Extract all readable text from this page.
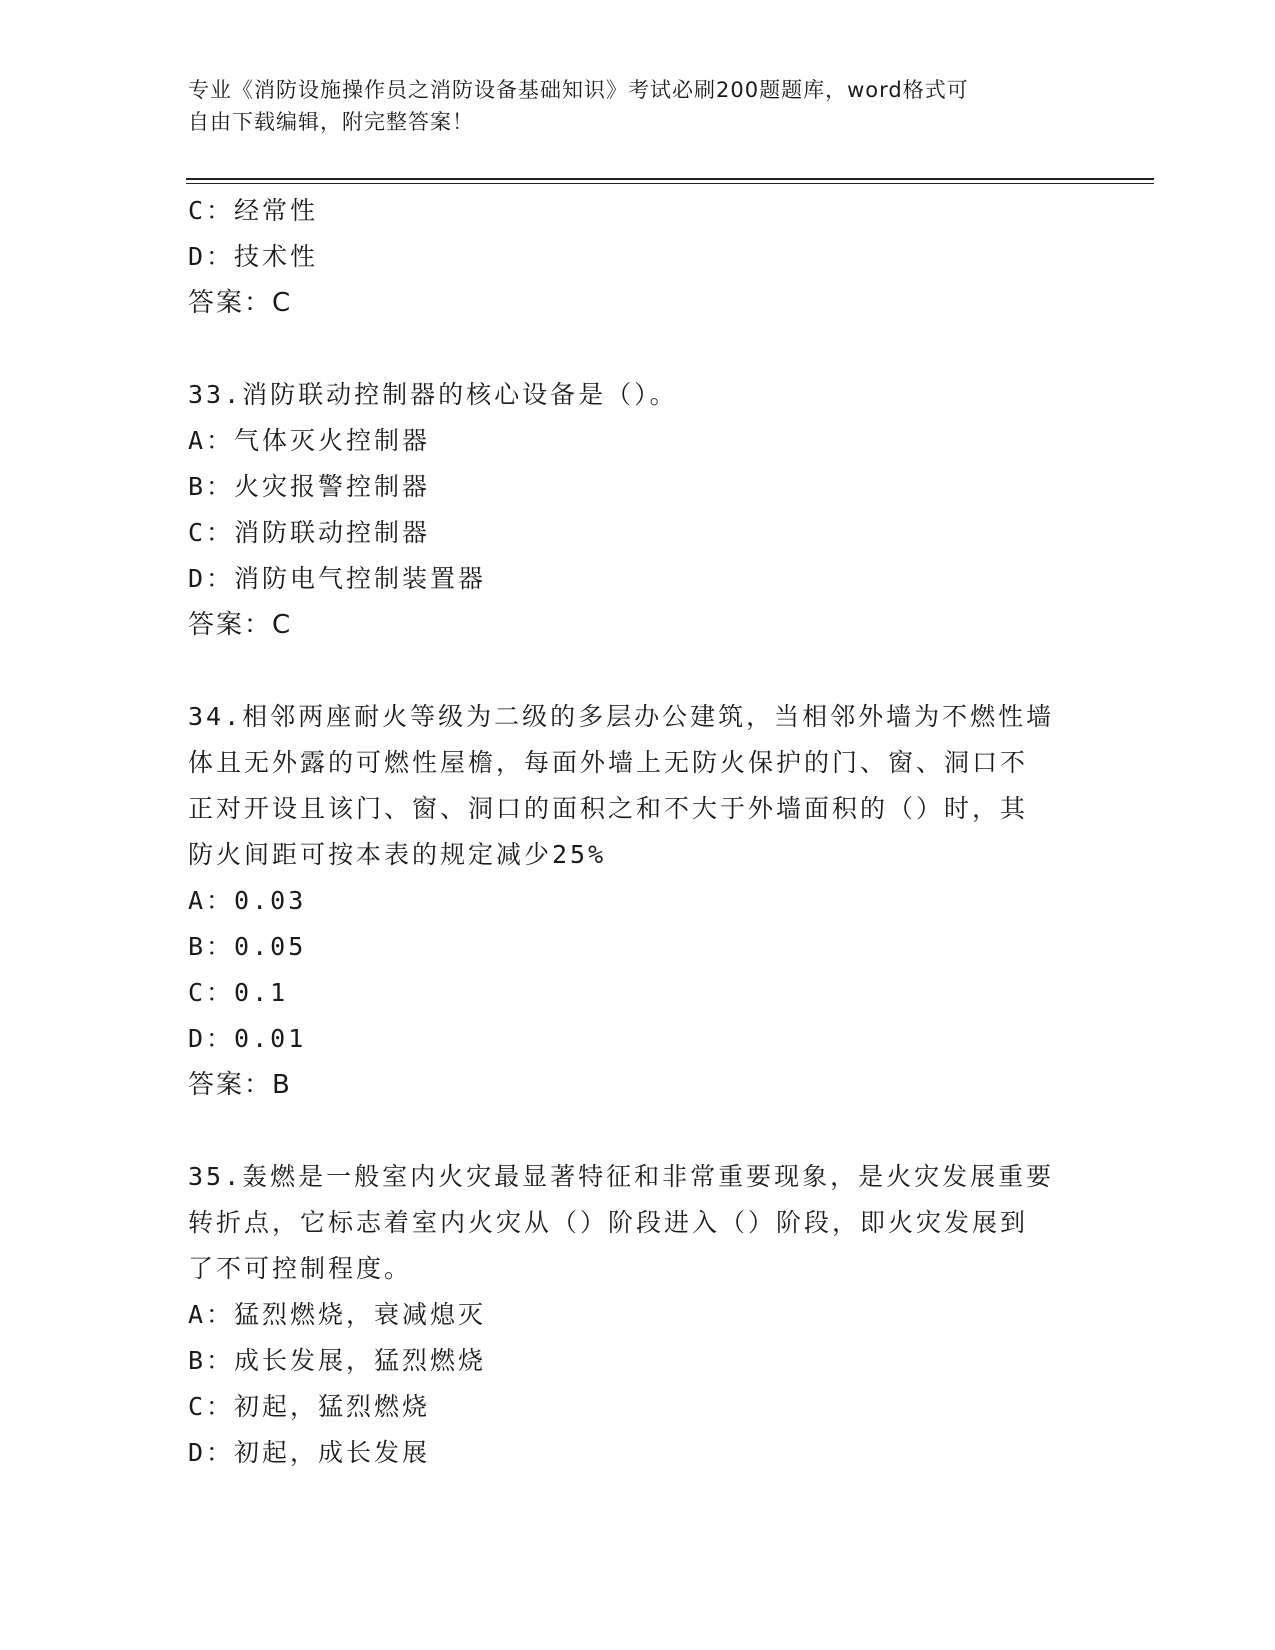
专业《消防设施操作员之消防设备基础知识》考试必刷200题题库，word格式可
自由下载编辑，附完整答案！
C：经常性
D：技术性
答案：C
33.消防联动控制器的核心设备是（）。
A：气体灭火控制器
B：火灾报警控制器
C：消防联动控制器
D：消防电气控制装置器
答案：C
34.相邻两座耐火等级为二级的多层办公建筑，当相邻外墙为不燃性墙
体且无外露的可燃性屋檐，每面外墙上无防火保护的门、窗、洞口不
正对开设且该门、窗、洞口的面积之和不大于外墙面积的（）时，其
防火间距可按本表的规定减少25%
A：0.03
B：0.05
C：0.1
D：0.01
答案：B
35.轰燃是一般室内火灾最显著特征和非常重要现象，是火灾发展重要
转折点，它标志着室内火灾从（）阶段进入（）阶段，即火灾发展到
了不可控制程度。
A：猛烈燃烧，衰减熄灭
B：成长发展，猛烈燃烧
C：初起，猛烈燃烧
D：初起，成长发展
